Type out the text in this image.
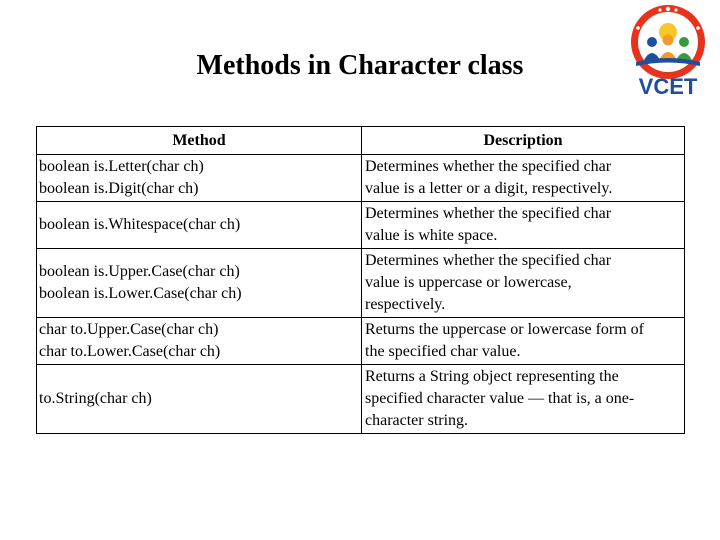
Methods in Character class
VCET
Method	Description

boolean is.Letter(char ch)
boolean is.Digit(char ch)	Determines whether the specified char
value is a letter or a digit, respectively.

boolean is.Whitespace(char ch)	Determines whether the specified char
value is white space.

boolean is.Upper.Case(char ch)
boolean is.Lower.Case(char ch)	Determines whether the specified char
value is uppercase or lowercase,
respectively.

char to.Upper.Case(char ch)
char to.Lower.Case(char ch)	Returns the uppercase or lowercase form of
the specified char value.

to.String(char ch)	Returns a String object representing the
specified character value — that is, a one-
character string.
